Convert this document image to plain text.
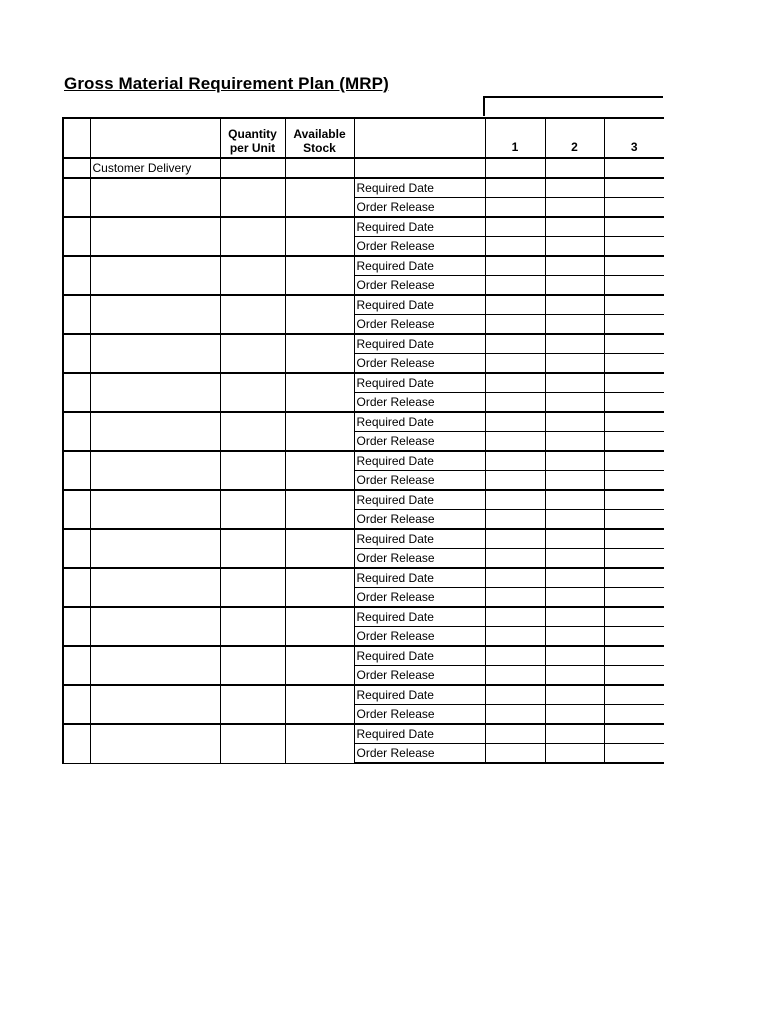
Gross Material Requirement Plan (MRP)
		Quantity per Unit	Available Stock		1	2	3
	Customer Delivery						
				Required Date			
				Order Release			
				Required Date			
				Order Release			
				Required Date			
				Order Release			
				Required Date			
				Order Release			
				Required Date			
				Order Release			
				Required Date			
				Order Release			
				Required Date			
				Order Release			
				Required Date			
				Order Release			
				Required Date			
				Order Release			
				Required Date			
				Order Release			
				Required Date			
				Order Release			
				Required Date			
				Order Release			
				Required Date			
				Order Release			
				Required Date			
				Order Release			
				Required Date			
				Order Release			
